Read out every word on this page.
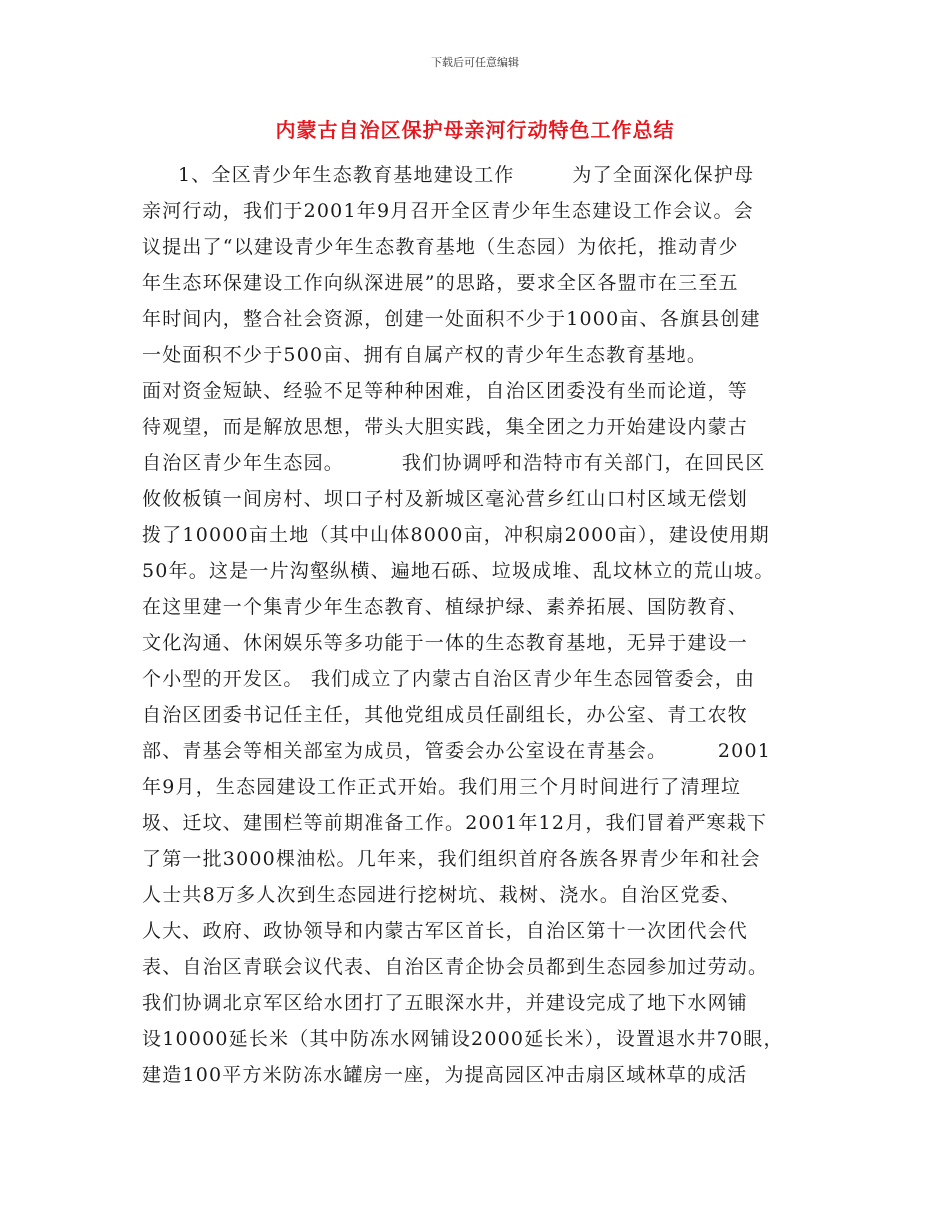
下载后可任意编辑
内蒙古自治区保护母亲河行动特色工作总结
1、全区青少年生态教育基地建设工作        为了全面深化保护母
亲河行动，我们于2001年9月召开全区青少年生态建设工作会议。会
议提出了“以建设青少年生态教育基地（生态园）为依托，推动青少
年生态环保建设工作向纵深进展”的思路，要求全区各盟市在三至五
年时间内，整合社会资源，创建一处面积不少于1000亩、各旗县创建
一处面积不少于500亩、拥有自属产权的青少年生态教育基地。
面对资金短缺、经验不足等种种困难，自治区团委没有坐而论道，等
待观望，而是解放思想，带头大胆实践，集全团之力开始建设内蒙古
自治区青少年生态园。        我们协调呼和浩特市有关部门，在回民区
攸攸板镇一间房村、坝口子村及新城区毫沁营乡红山口村区域无偿划
拨了10000亩土地（其中山体8000亩，冲积扇2000亩），建设使用期
50年。这是一片沟壑纵横、遍地石砾、垃圾成堆、乱坟林立的荒山坡。
在这里建一个集青少年生态教育、植绿护绿、素养拓展、国防教育、
文化沟通、休闲娱乐等多功能于一体的生态教育基地，无异于建设一
个小型的开发区。 我们成立了内蒙古自治区青少年生态园管委会，由
自治区团委书记任主任，其他党组成员任副组长，办公室、青工农牧
部、青基会等相关部室为成员，管委会办公室设在青基会。       2001
年9月，生态园建设工作正式开始。我们用三个月时间进行了清理垃
圾、迁坟、建围栏等前期准备工作。2001年12月，我们冒着严寒栽下
了第一批3000棵油松。几年来，我们组织首府各族各界青少年和社会
人士共8万多人次到生态园进行挖树坑、栽树、浇水。自治区党委、
人大、政府、政协领导和内蒙古军区首长，自治区第十一次团代会代
表、自治区青联会议代表、自治区青企协会员都到生态园参加过劳动。
我们协调北京军区给水团打了五眼深水井，并建设完成了地下水网铺
设10000延长米（其中防冻水网铺设2000延长米），设置退水井70眼，
建造100平方米防冻水罐房一座，为提高园区冲击扇区域林草的成活
